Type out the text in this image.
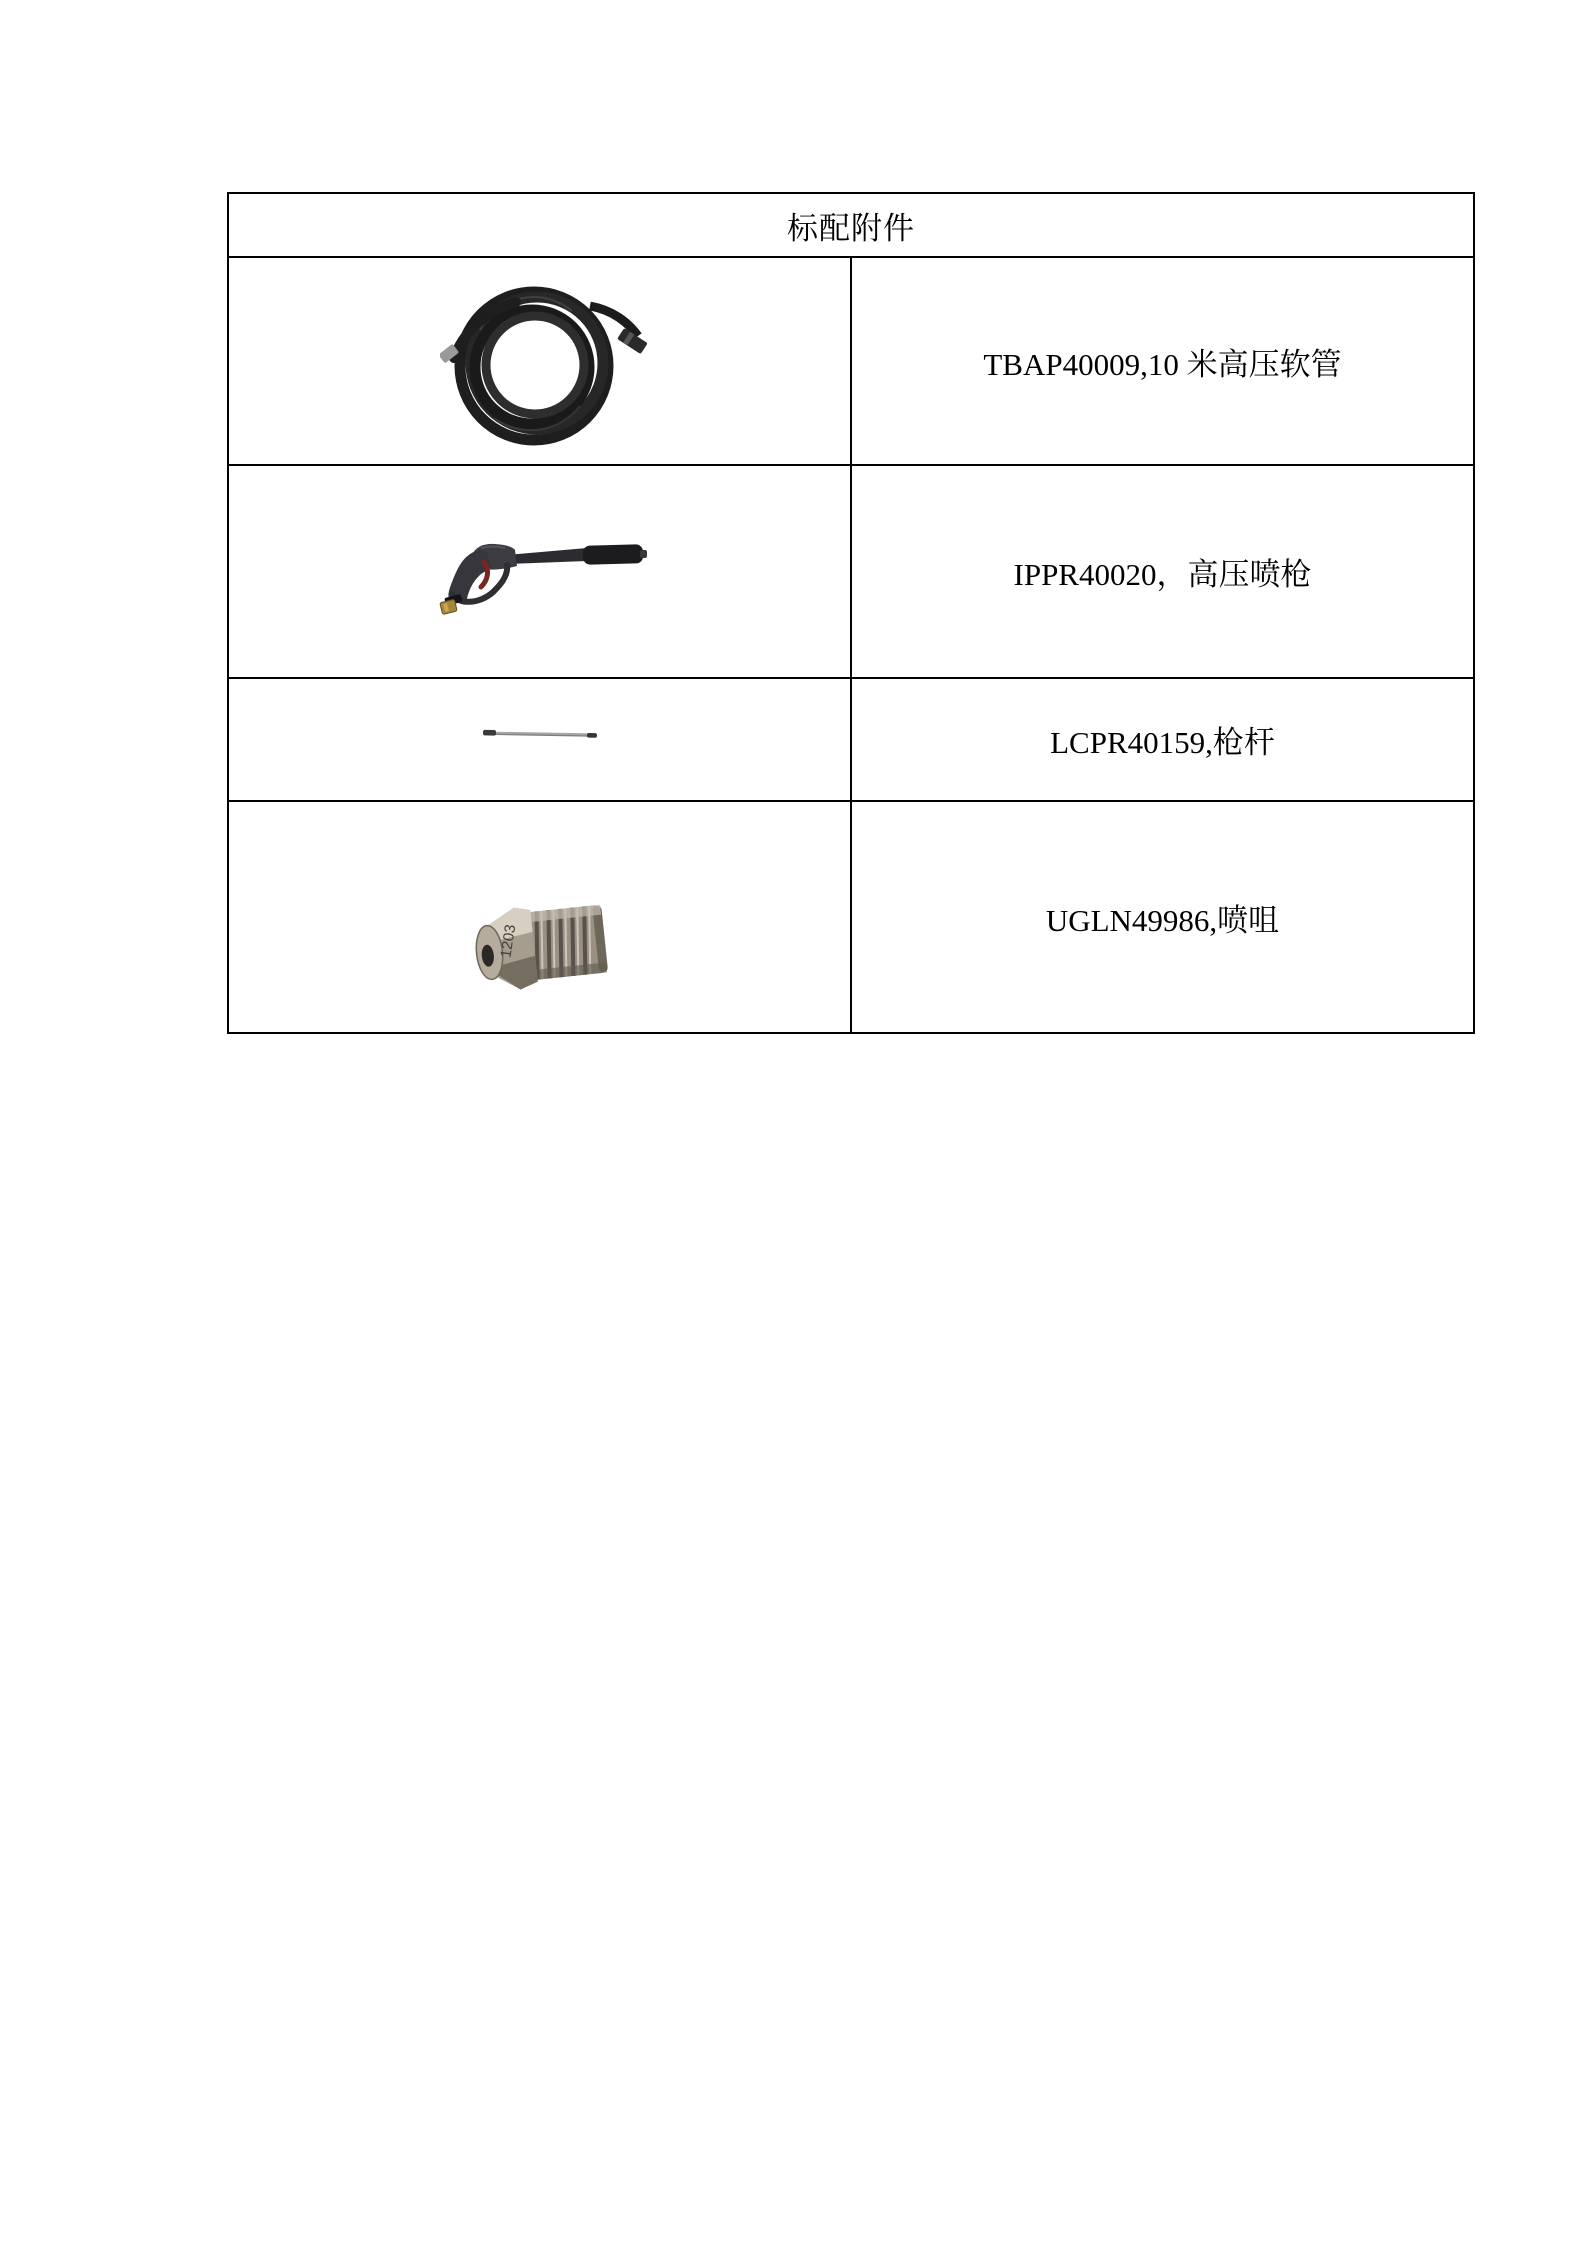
标配附件
TBAP40009,10 米高压软管
IPPR40020，高压喷枪
LCPR40159,枪杆
1203
UGLN49986,喷咀
